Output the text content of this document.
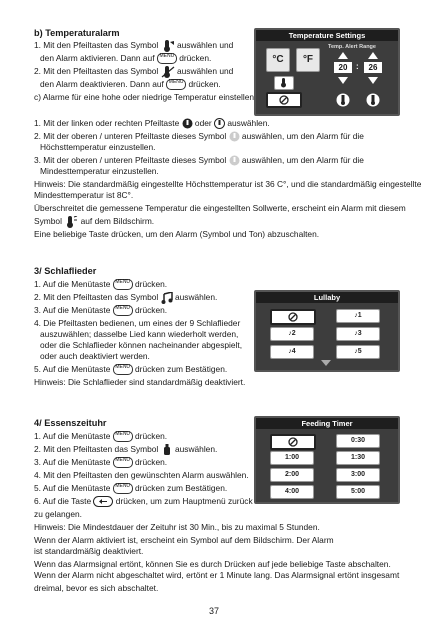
b) Temperaturalarm
1. Mit den Pfeiltasten das Symbol auswählen und
den Alarm aktivieren. Dann auf MENU drücken.
2. Mit den Pfeiltasten das Symbol auswählen und
den Alarm deaktivieren. Dann auf MENU drücken.
c) Alarme für eine hohe oder niedrige Temperatur einstellen
Temperature Settings
°C	°F
Temp. Alert Range
20	:	26
1. Mit der linken oder rechten Pfeiltaste oder auswählen.
2. Mit der oberen / unteren Pfeiltaste dieses Symbol auswählen, um den Alarm für die
Höchsttemperatur einzustellen.
3. Mit der oberen / unteren Pfeiltaste dieses Symbol auswählen, um den Alarm für die
Mindesttemperatur einzustellen.
Hinweis: Die standardmäßig eingestellte Höchsttemperatur ist 36 C°, und die standardmäßig eingestellte
Mindesttemperatur ist 8C°.
Überschreitet die gemessene Temperatur die eingestellten Sollwerte, erscheint ein Alarm mit diesem
Symbol auf dem Bildschirm.
Eine beliebige Taste drücken, um den Alarm (Symbol und Ton) abzuschalten.
3/ Schlaflieder
1. Auf die Menütaste MENU drücken.
2. Mit den Pfeiltasten das Symbol auswählen.
3. Auf die Menütaste MENU drücken.
4. Die Pfeiltasten bedienen, um eines der 9 Schlaflieder
auszuwählen; dasselbe Lied kann wiederholt werden,
oder die Schlaflieder können nacheinander abgespielt,
oder auch deaktiviert werden.
5. Auf die Menütaste MENU drücken zum Bestätigen.
Hinweis: Die Schlaflieder sind standardmäßig deaktiviert.
Lullaby
♪1
♪2	♪3
♪4	♪5
4/ Essenszeituhr
1. Auf die Menütaste MENU drücken.
2. Mit den Pfeiltasten das Symbol auswählen.
3. Auf die Menütaste MENU drücken.
4. Mit den Pfeiltasten den gewünschten Alarm auswählen.
5. Auf die Menütaste MENU drücken zum Bestätigen.
6. Auf die Taste	drücken, um zum Hauptmenü zurück
zu gelangen.
Hinweis: Die Mindestdauer der Zeituhr ist 30 Min., bis zu maximal 5 Stunden.
Wenn der Alarm aktiviert ist, erscheint ein Symbol auf dem Bildschirm. Der Alarm
ist standardmäßig deaktiviert.
Wenn das Alarmsignal ertönt, können Sie es durch Drücken auf jede beliebige Taste abschalten.
Wenn der Alarm nicht abgeschaltet wird, ertönt er 1 Minute lang. Das Alarmsignal ertönt insgesamt
dreimal, bevor es sich abschaltet.
Feeding Timer
0:30
1:00	1:30
2:00	3:00
4:00	5:00
37
